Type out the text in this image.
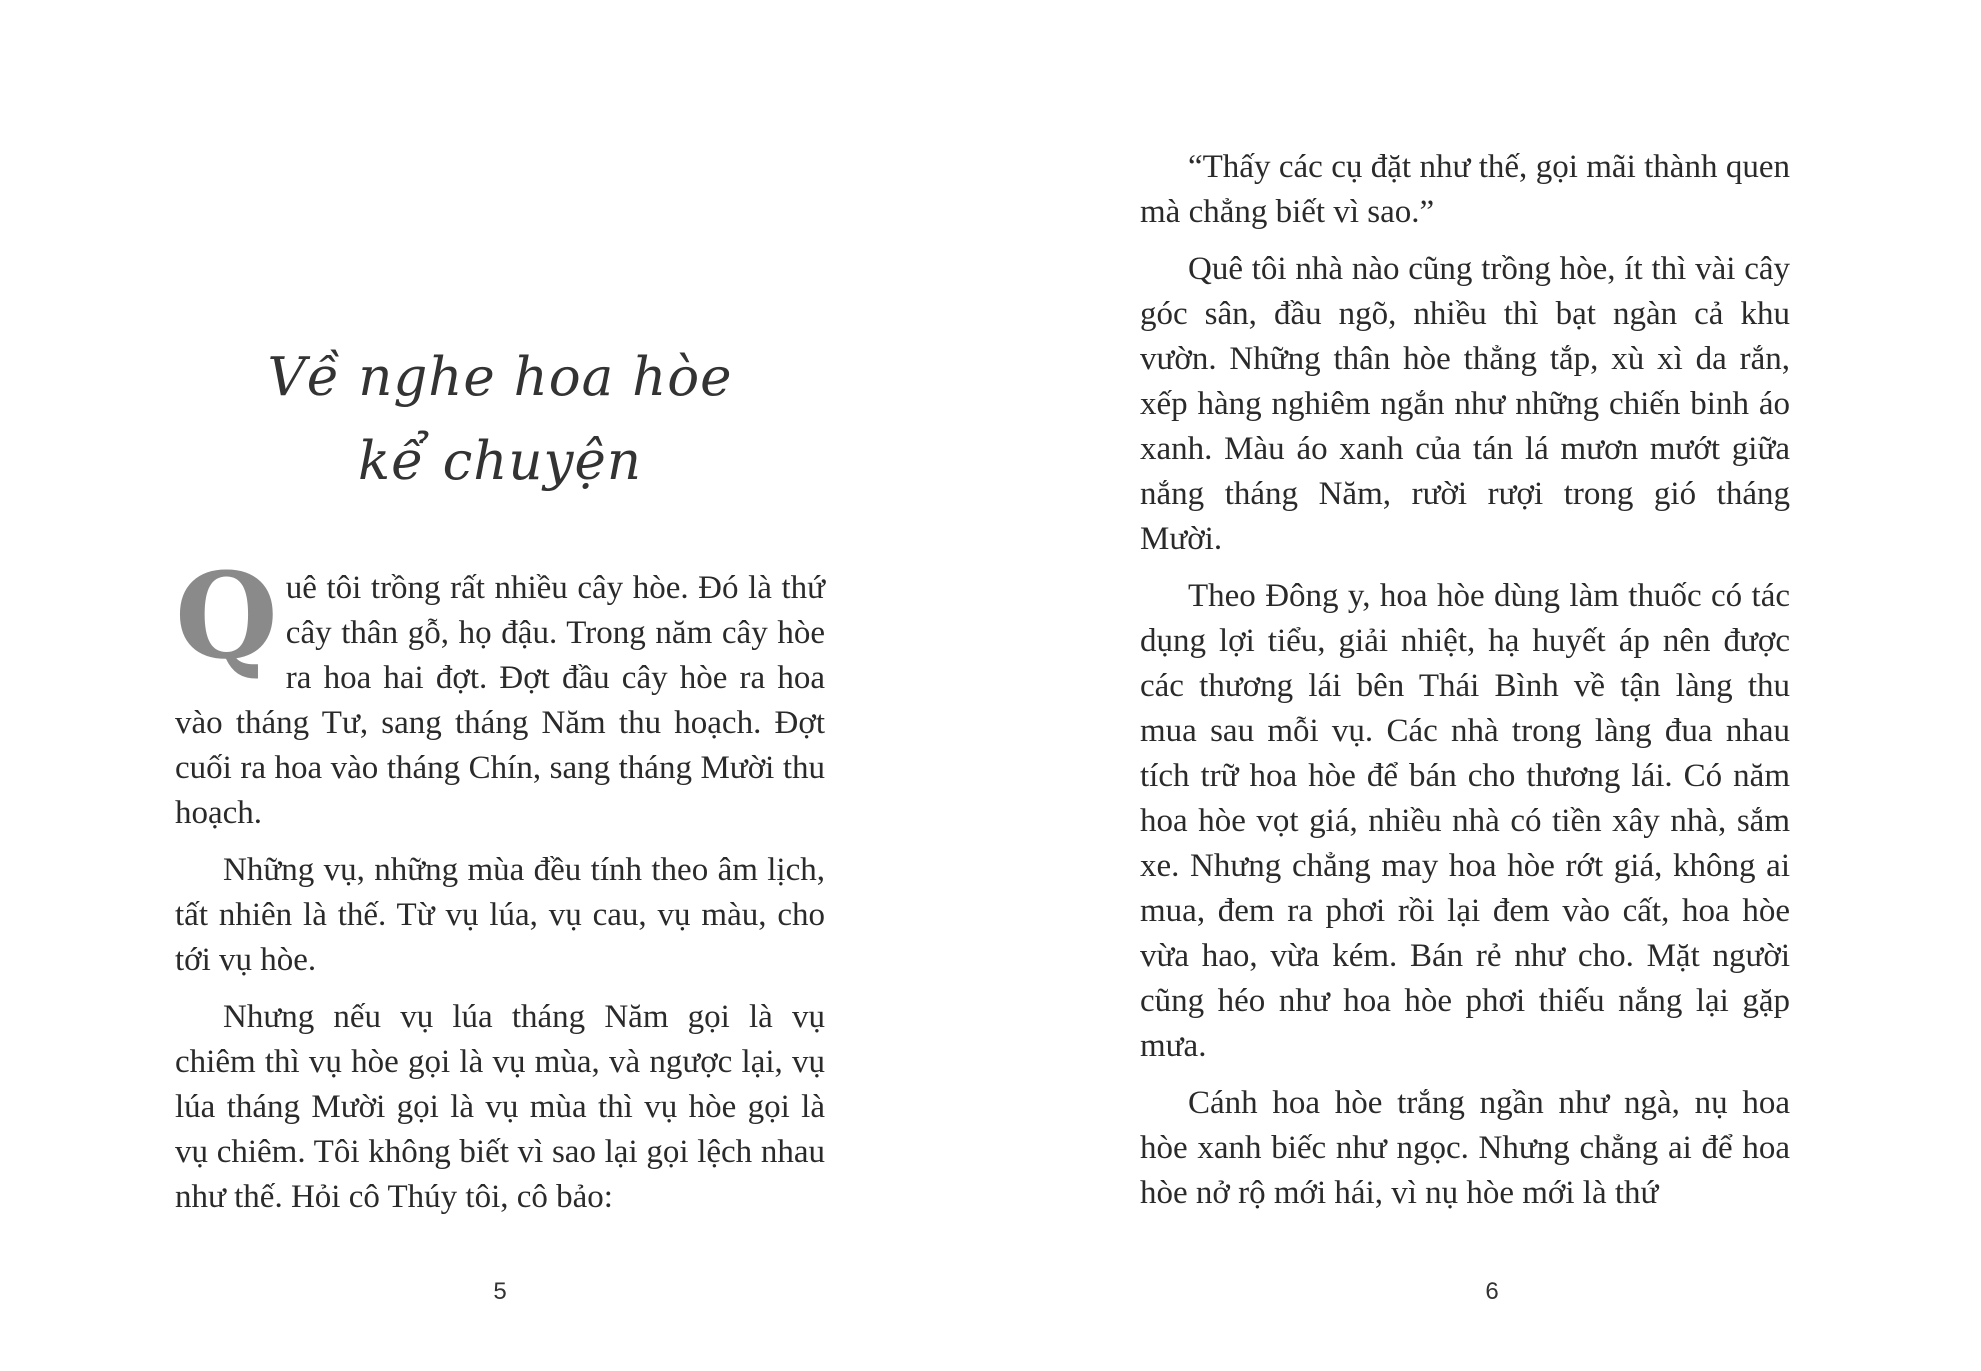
Về nghe hoa hòe
kể chuyện

Quê tôi trồng rất nhiều cây hòe. Đó là thứ cây thân gỗ, họ đậu. Trong năm cây hòe ra hoa hai đợt. Đợt đầu cây hòe ra hoa vào tháng Tư, sang tháng Năm thu hoạch. Đợt cuối ra hoa vào tháng Chín, sang tháng Mười thu hoạch.

Những vụ, những mùa đều tính theo âm lịch, tất nhiên là thế. Từ vụ lúa, vụ cau, vụ màu, cho tới vụ hòe.

Nhưng nếu vụ lúa tháng Năm gọi là vụ chiêm thì vụ hòe gọi là vụ mùa, và ngược lại, vụ lúa tháng Mười gọi là vụ mùa thì vụ hòe gọi là vụ chiêm. Tôi không biết vì sao lại gọi lệch nhau như thế. Hỏi cô Thúy tôi, cô bảo:

5

“Thấy các cụ đặt như thế, gọi mãi thành quen mà chẳng biết vì sao.”

Quê tôi nhà nào cũng trồng hòe, ít thì vài cây góc sân, đầu ngõ, nhiều thì bạt ngàn cả khu vườn. Những thân hòe thẳng tắp, xù xì da rắn, xếp hàng nghiêm ngắn như những chiến binh áo xanh. Màu áo xanh của tán lá mươn mướt giữa nắng tháng Năm, rười rượi trong gió tháng Mười.

Theo Đông y, hoa hòe dùng làm thuốc có tác dụng lợi tiểu, giải nhiệt, hạ huyết áp nên được các thương lái bên Thái Bình về tận làng thu mua sau mỗi vụ. Các nhà trong làng đua nhau tích trữ hoa hòe để bán cho thương lái. Có năm hoa hòe vọt giá, nhiều nhà có tiền xây nhà, sắm xe. Nhưng chẳng may hoa hòe rớt giá, không ai mua, đem ra phơi rồi lại đem vào cất, hoa hòe vừa hao, vừa kém. Bán rẻ như cho. Mặt người cũng héo như hoa hòe phơi thiếu nắng lại gặp mưa.

Cánh hoa hòe trắng ngần như ngà, nụ hoa hòe xanh biếc như ngọc. Nhưng chẳng ai để hoa hòe nở rộ mới hái, vì nụ hòe mới là thứ

6
